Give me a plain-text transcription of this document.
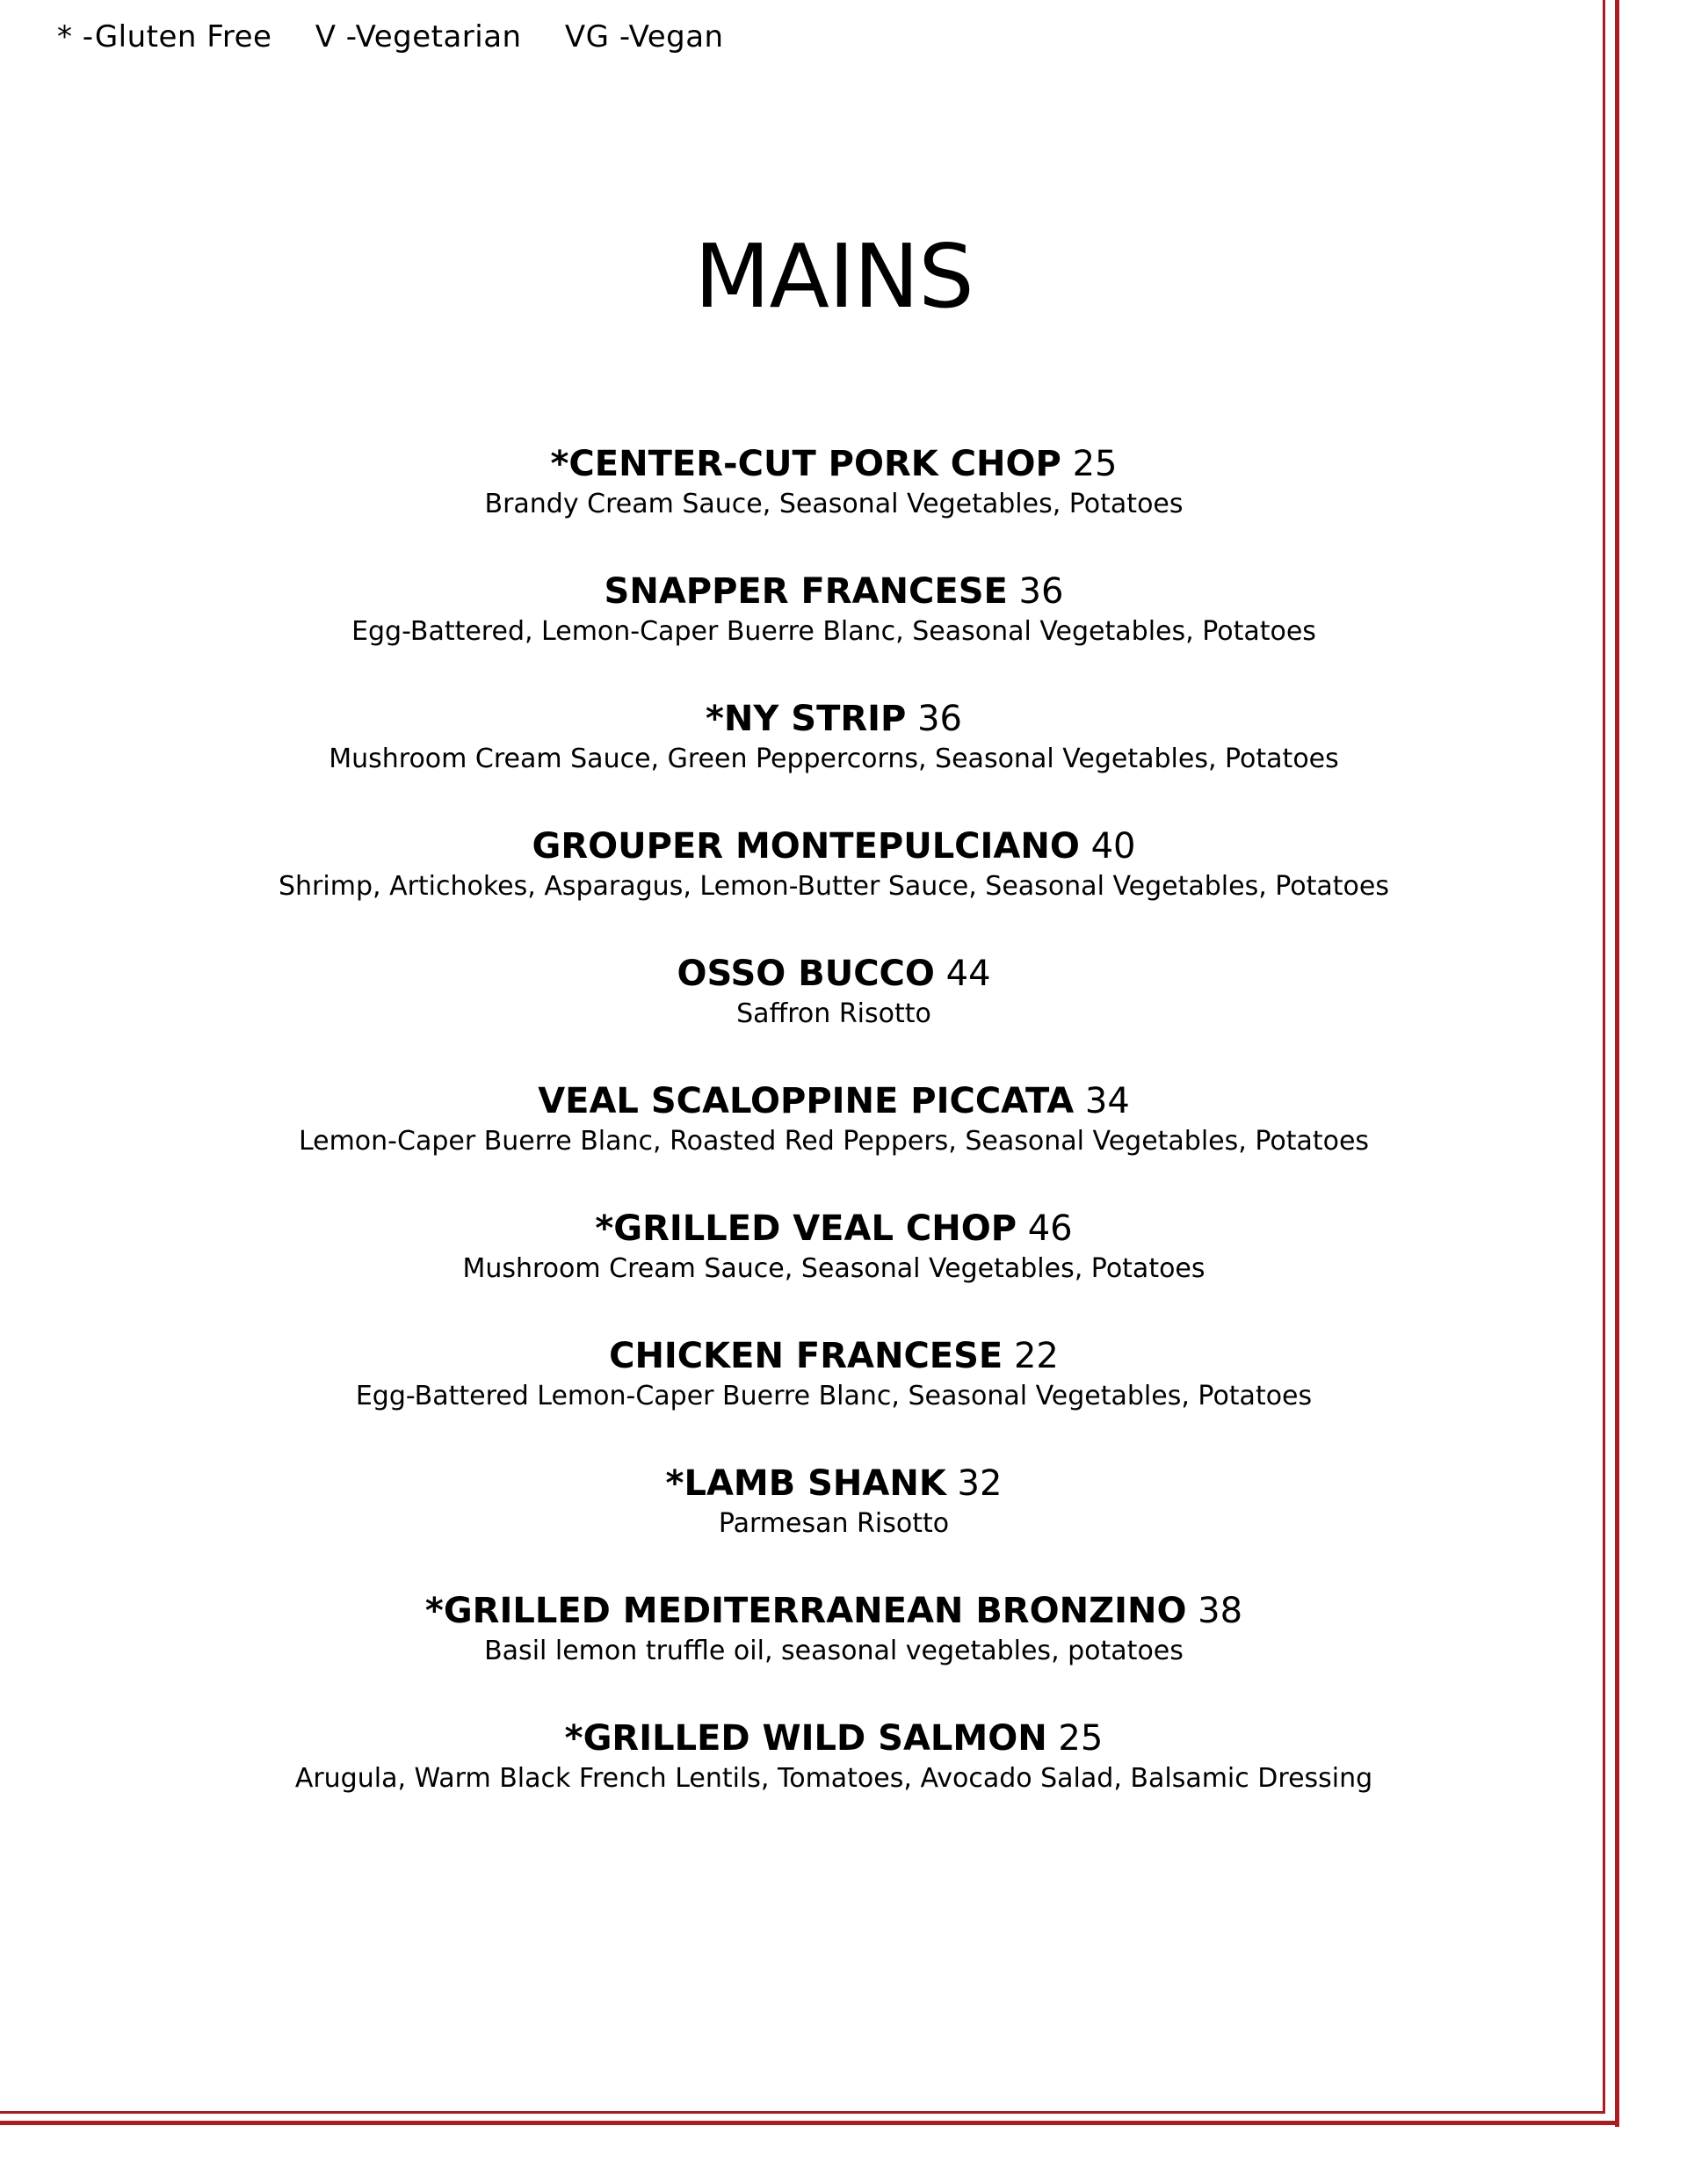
* -Gluten Free V -Vegetarian VG -Vegan
MAINS
*CENTER-CUT PORK CHOP 25
Brandy Cream Sauce, Seasonal Vegetables, Potatoes
SNAPPER FRANCESE 36
Egg-Battered, Lemon-Caper Buerre Blanc, Seasonal Vegetables, Potatoes
*NY STRIP 36
Mushroom Cream Sauce, Green Peppercorns, Seasonal Vegetables, Potatoes
GROUPER MONTEPULCIANO 40
Shrimp, Artichokes, Asparagus, Lemon-Butter Sauce, Seasonal Vegetables, Potatoes
OSSO BUCCO 44
Saffron Risotto
VEAL SCALOPPINE PICCATA 34
Lemon-Caper Buerre Blanc, Roasted Red Peppers, Seasonal Vegetables, Potatoes
*GRILLED VEAL CHOP 46
Mushroom Cream Sauce, Seasonal Vegetables, Potatoes
CHICKEN FRANCESE 22
Egg-Battered Lemon-Caper Buerre Blanc, Seasonal Vegetables, Potatoes
*LAMB SHANK 32
Parmesan Risotto
*GRILLED MEDITERRANEAN BRONZINO 38
Basil lemon truffle oil, seasonal vegetables, potatoes
*GRILLED WILD SALMON 25
Arugula, Warm Black French Lentils, Tomatoes, Avocado Salad, Balsamic Dressing
